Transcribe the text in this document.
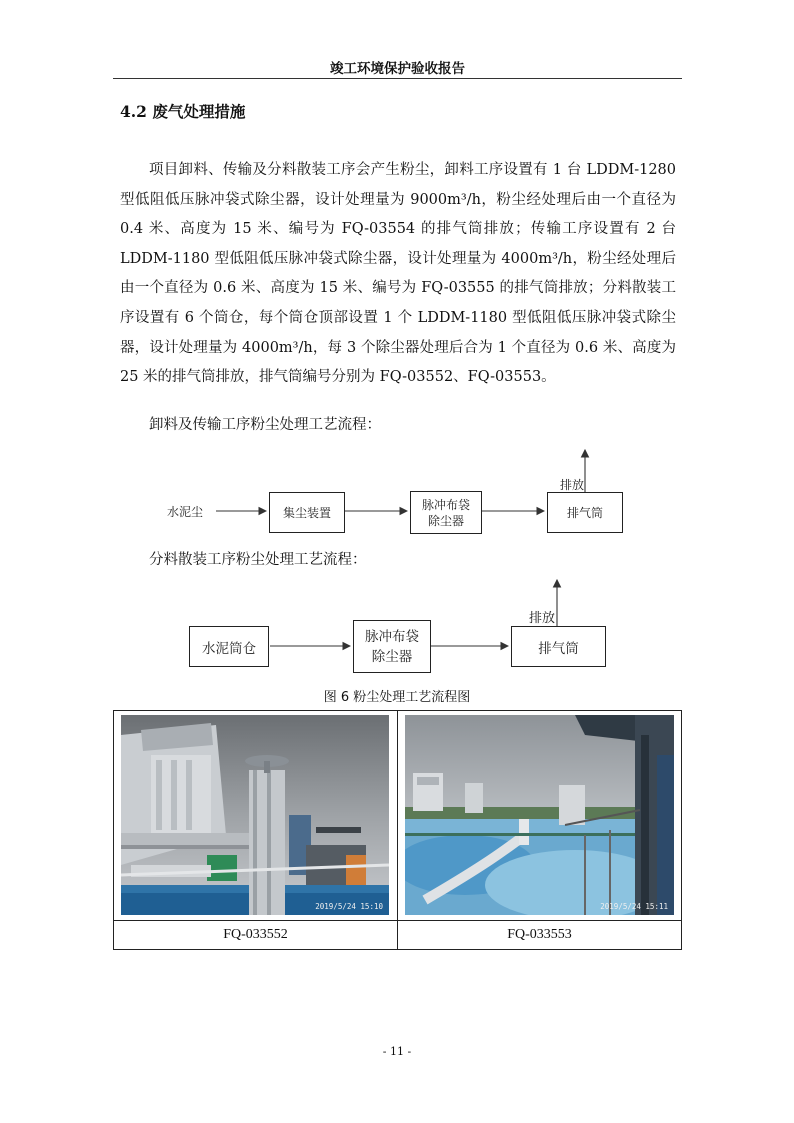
竣工环境保护验收报告
4.2 废气处理措施
项目卸料、传输及分料散装工序会产生粉尘，卸料工序设置有 1 台 LDDM-1280 型低阻低压脉冲袋式除尘器，设计处理量为 9000m³/h，粉尘经处理后由一个直径为 0.4 米、高度为 15 米、编号为 FQ-03554 的排气筒排放；传输工序设置有 2 台 LDDM-1180 型低阻低压脉冲袋式除尘器，设计处理量为 4000m³/h，粉尘经处理后由一个直径为 0.6 米、高度为 15 米、编号为 FQ-03555 的排气筒排放；分料散装工序设置有 6 个筒仓，每个筒仓顶部设置 1 个 LDDM-1180 型低阻低压脉冲袋式除尘器，设计处理量为 4000m³/h，每 3 个除尘器处理后合为 1 个直径为 0.6 米、高度为 25 米的排气筒排放，排气筒编号分别为 FQ-03552、FQ-03553。
卸料及传输工序粉尘处理工艺流程：
水泥尘	集尘装置
脉冲布袋
除尘器
排气筒
排放
分料散装工序粉尘处理工艺流程：
水泥筒仓
脉冲布袋
除尘器	排气筒
排放
图 6 粉尘处理工艺流程图
2019/5/24 15:10	2019/5/24 15:11
FQ-033552	FQ-033553
- 11 -
